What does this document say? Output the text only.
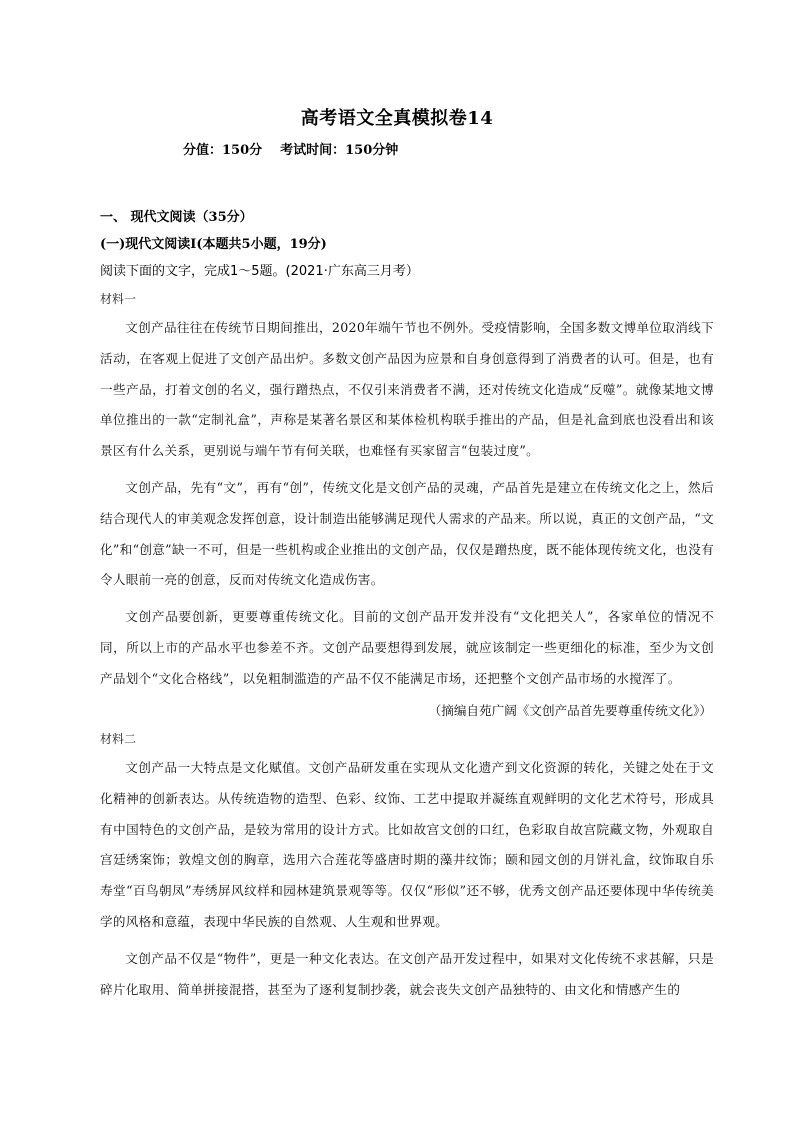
高考语文全真模拟卷14
分值：150分 考试时间：150分钟
一、 现代文阅读（35分）
(一)现代文阅读Ⅰ(本题共5小题，19分)
阅读下面的文字，完成1～5题。(2021·广东高三月考）
材料一
文创产品往往在传统节日期间推出，2020年端午节也不例外。受疫情影响，全国多数文博单位取消线下活动，在客观上促进了文创产品出炉。多数文创产品因为应景和自身创意得到了消费者的认可。但是，也有一些产品，打着文创的名义，强行蹭热点，不仅引来消费者不满，还对传统文化造成“反噬”。就像某地文博单位推出的一款“定制礼盒”，声称是某著名景区和某体检机构联手推出的产品，但是礼盒到底也没看出和该景区有什么关系，更别说与端午节有何关联，也难怪有买家留言“包装过度”。
文创产品，先有“文”，再有“创”，传统文化是文创产品的灵魂，产品首先是建立在传统文化之上，然后结合现代人的审美观念发挥创意，设计制造出能够满足现代人需求的产品来。所以说，真正的文创产品，“文化”和“创意”缺一不可，但是一些机构或企业推出的文创产品，仅仅是蹭热度，既不能体现传统文化，也没有令人眼前一亮的创意，反而对传统文化造成伤害。
文创产品要创新，更要尊重传统文化。目前的文创产品开发并没有“文化把关人”，各家单位的情况不同，所以上市的产品水平也参差不齐。文创产品要想得到发展，就应该制定一些更细化的标准，至少为文创产品划个“文化合格线”，以免粗制滥造的产品不仅不能满足市场，还把整个文创产品市场的水搅浑了。
（摘编自苑广阔《文创产品首先要尊重传统文化》）
材料二
文创产品一大特点是文化赋值。文创产品研发重在实现从文化遗产到文化资源的转化，关键之处在于文化精神的创新表达。从传统造物的造型、色彩、纹饰、工艺中提取并凝练直观鲜明的文化艺术符号，形成具有中国特色的文创产品，是较为常用的设计方式。比如故宫文创的口红，色彩取自故宫院藏文物，外观取自宫廷绣案饰；敦煌文创的胸章，选用六合莲花等盛唐时期的藻井纹饰；颐和园文创的月饼礼盒，纹饰取自乐寿堂“百鸟朝凤”寿绣屏风纹样和园林建筑景观等等。仅仅“形似”还不够，优秀文创产品还要体现中华传统美学的风格和意蕴，表现中华民族的自然观、人生观和世界观。
文创产品不仅是“物件”，更是一种文化表达。在文创产品开发过程中，如果对文化传统不求甚解，只是碎片化取用、简单拼接混搭，甚至为了逐利复制抄袭，就会丧失文创产品独特的、由文化和情感产生的
